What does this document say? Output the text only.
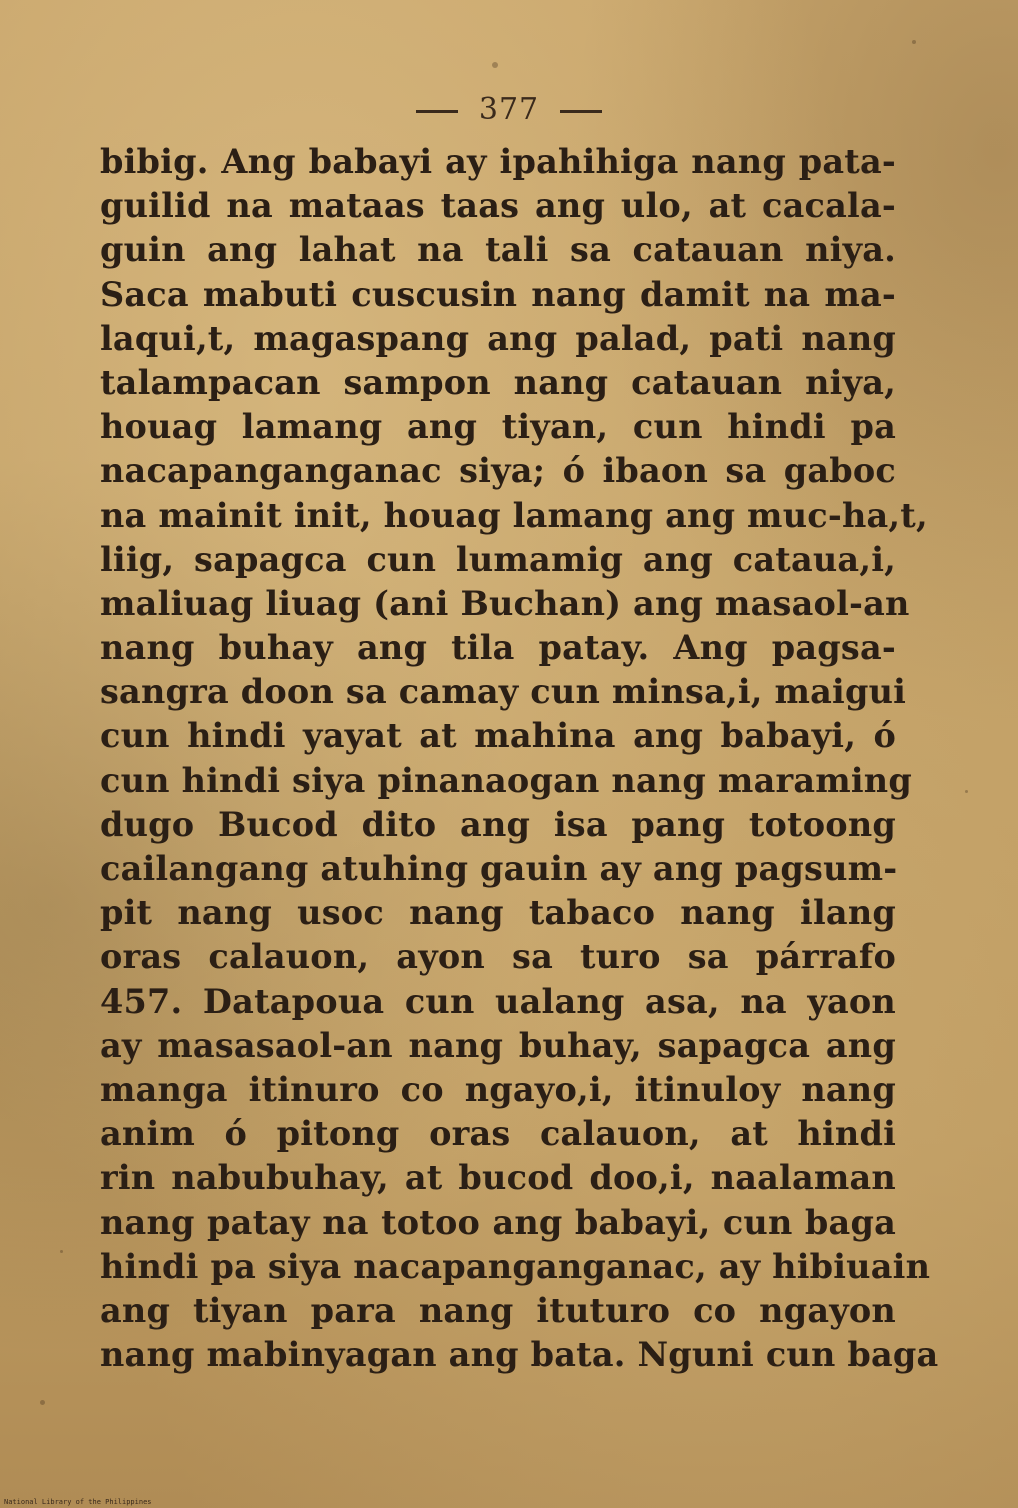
377
bibig. Ang babayi ay ipahihiga nang pata-
guilid na mataas taas ang ulo, at cacala-
guin ang lahat na tali sa catauan niya.
Saca mabuti cuscusin nang damit na ma-
laqui,t, magaspang ang palad, pati nang
talampacan sampon nang catauan niya,
houag lamang ang tiyan, cun hindi pa
nacapanganganac siya; ó ibaon sa gaboc
na mainit init, houag lamang ang muc-ha,t,
liig, sapagca cun lumamig ang cataua,i,
maliuag liuag (ani Buchan) ang masaol-an
nang buhay ang tila patay. Ang pagsa-
sangra doon sa camay cun minsa,i, maigui
cun hindi yayat at mahina ang babayi, ó
cun hindi siya pinanaogan nang maraming
dugo Bucod dito ang isa pang totoong
cailangang atuhing gauin ay ang pagsum-
pit nang usoc nang tabaco nang ilang
oras calauon, ayon sa turo sa párrafo
457. Datapoua cun ualang asa, na yaon
ay masasaol-an nang buhay, sapagca ang
manga itinuro co ngayo,i, itinuloy nang
anim ó pitong oras calauon, at hindi
rin nabubuhay, at bucod doo,i, naalaman
nang patay na totoo ang babayi, cun baga
hindi pa siya nacapanganganac, ay hibiuain
ang tiyan para nang ituturo co ngayon
nang mabinyagan ang bata. Nguni cun baga
National Library of the Philippines
